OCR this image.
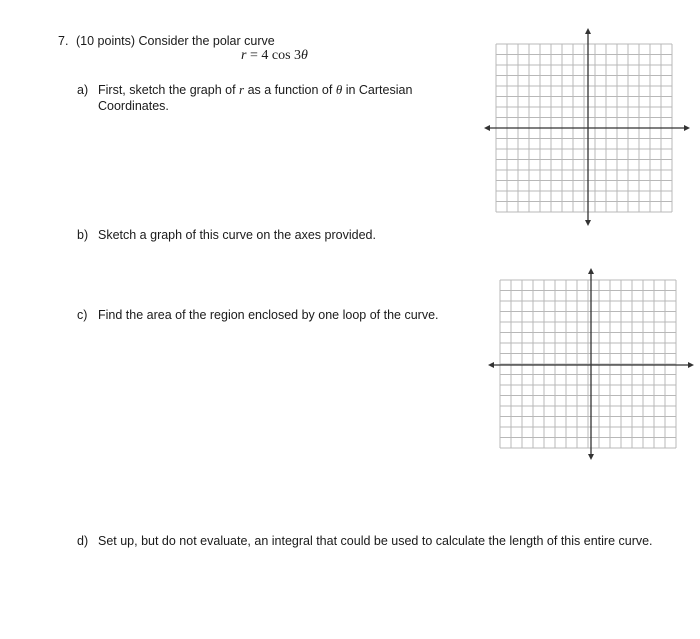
7. (10 points) Consider the polar curve
r = 4 cos 3θ
a) First, sketch the graph of r as a function of θ in Cartesian
Coordinates.
b) Sketch a graph of this curve on the axes provided.
c) Find the area of the region enclosed by one loop of the curve.
d) Set up, but do not evaluate, an integral that could be used to calculate the length of this entire curve.
